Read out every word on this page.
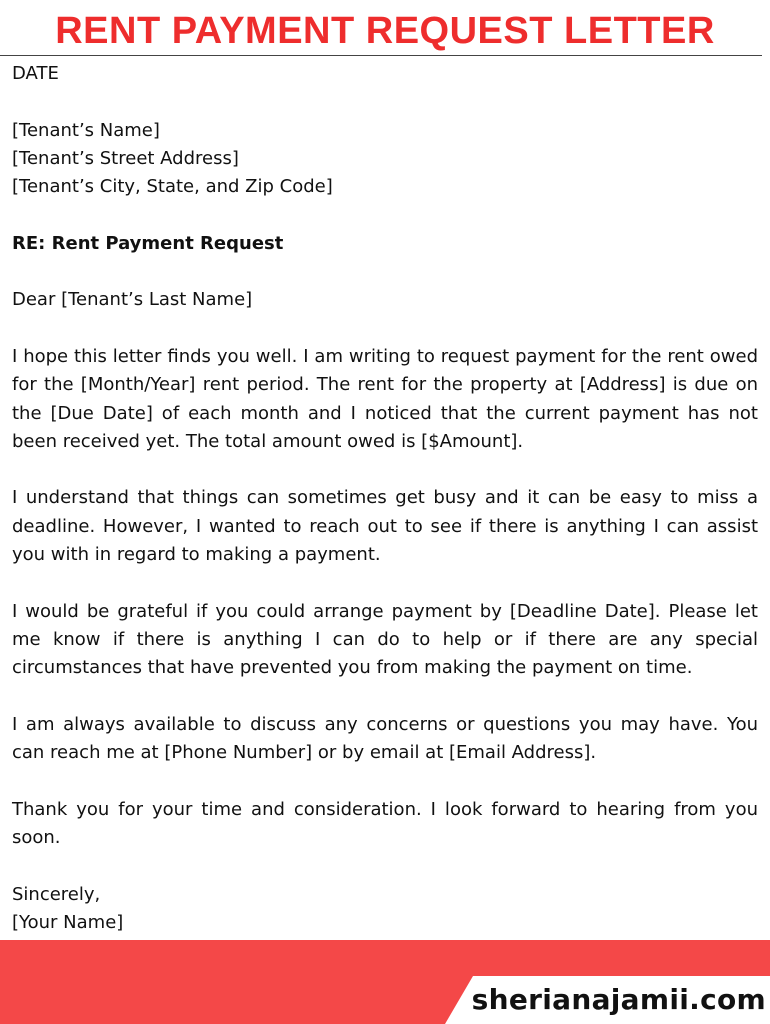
RENT PAYMENT REQUEST LETTER

DATE

[Tenant’s Name]

[Tenant’s Street Address]

[Tenant’s City, State, and Zip Code]

RE: Rent Payment Request

Dear [Tenant’s Last Name]

I hope this letter finds you well. I am writing to request payment for the rent owed for the [Month/Year] rent period. The rent for the property at [Address] is due on the [Due Date] of each month and I noticed that the current payment has not been received yet. The total amount owed is [$Amount].

I understand that things can sometimes get busy and it can be easy to miss a deadline. However, I wanted to reach out to see if there is anything I can assist you with in regard to making a payment.

I would be grateful if you could arrange payment by [Deadline Date]. Please let me know if there is anything I can do to help or if there are any special circumstances that have prevented you from making the payment on time.

I am always available to discuss any concerns or questions you may have. You can reach me at [Phone Number] or by email at [Email Address].

Thank you for your time and consideration. I look forward to hearing from you soon.

Sincerely,

[Your Name]

sherianajamii.com
